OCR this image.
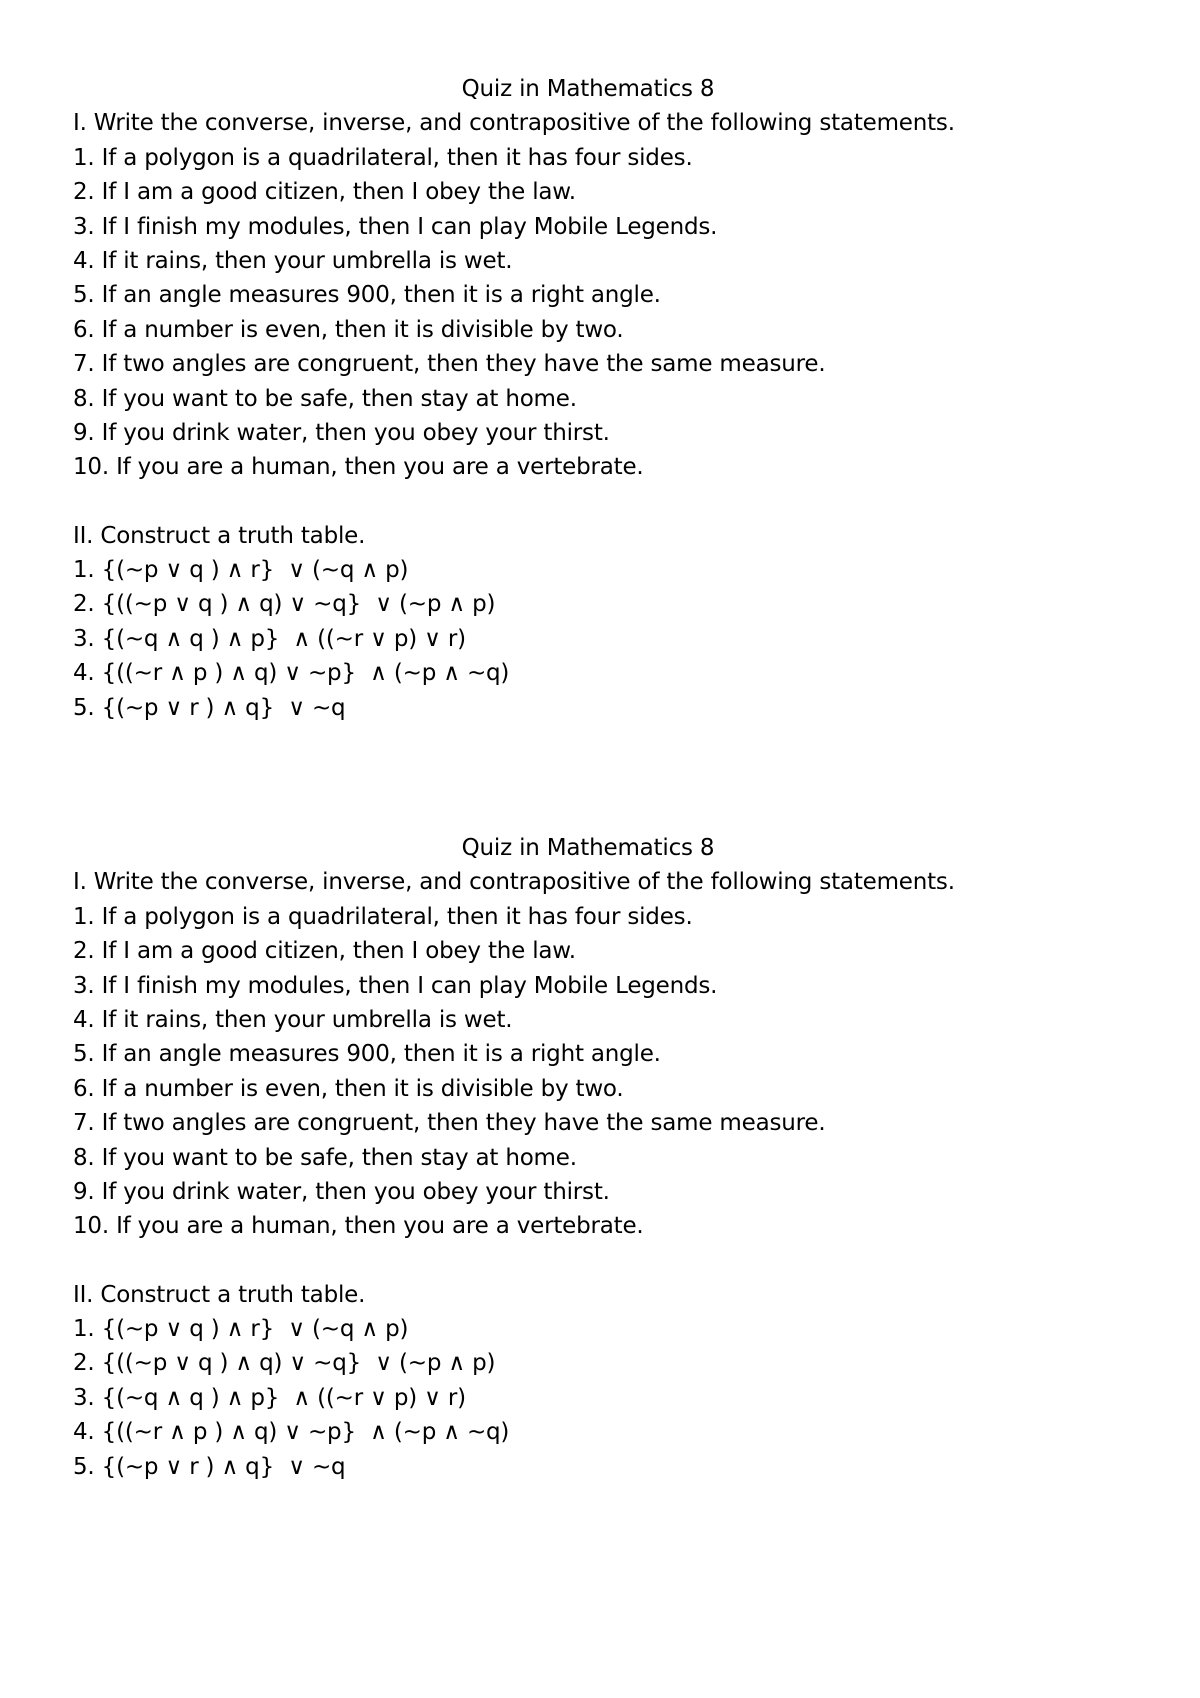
Quiz in Mathematics 8
I. Write the converse, inverse, and contrapositive of the following statements.
1. If a polygon is a quadrilateral, then it has four sides.
2. If I am a good citizen, then I obey the law.
3. If I finish my modules, then I can play Mobile Legends.
4. If it rains, then your umbrella is wet.
5. If an angle measures 900, then it is a right angle.
6. If a number is even, then it is divisible by two.
7. If two angles are congruent, then they have the same measure.
8. If you want to be safe, then stay at home.
9. If you drink water, then you obey your thirst.
10. If you are a human, then you are a vertebrate.
II. Construct a truth table.
1. {(~p ∨ q ) ∧ r}  ∨ (~q ∧ p)
2. {((~p ∨ q ) ∧ q) ∨ ~q}  ∨ (~p ∧ p)
3. {(~q ∧ q ) ∧ p}  ∧ ((~r ∨ p) ∨ r)
4. {((~r ∧ p ) ∧ q) ∨ ~p}  ∧ (~p ∧ ~q)
5. {(~p ∨ r ) ∧ q}  ∨ ~q
Quiz in Mathematics 8
I. Write the converse, inverse, and contrapositive of the following statements.
1. If a polygon is a quadrilateral, then it has four sides.
2. If I am a good citizen, then I obey the law.
3. If I finish my modules, then I can play Mobile Legends.
4. If it rains, then your umbrella is wet.
5. If an angle measures 900, then it is a right angle.
6. If a number is even, then it is divisible by two.
7. If two angles are congruent, then they have the same measure.
8. If you want to be safe, then stay at home.
9. If you drink water, then you obey your thirst.
10. If you are a human, then you are a vertebrate.
II. Construct a truth table.
1. {(~p ∨ q ) ∧ r}  ∨ (~q ∧ p)
2. {((~p ∨ q ) ∧ q) ∨ ~q}  ∨ (~p ∧ p)
3. {(~q ∧ q ) ∧ p}  ∧ ((~r ∨ p) ∨ r)
4. {((~r ∧ p ) ∧ q) ∨ ~p}  ∧ (~p ∧ ~q)
5. {(~p ∨ r ) ∧ q}  ∨ ~q
